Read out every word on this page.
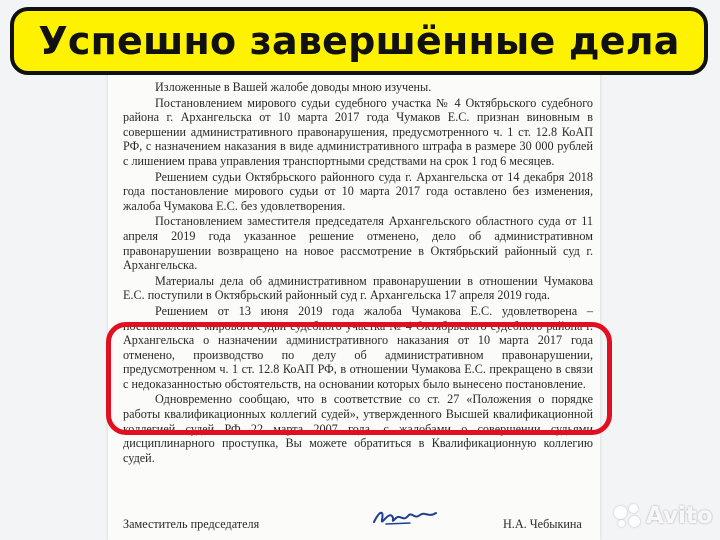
Изложенные в Вашей жалобе доводы мною изучены.

Постановлением мирового судьи судебного участка № 4 Октябрьского судебного района г. Архангельска от 10 марта 2017 года Чумаков Е.С. признан виновным в совершении административного правонарушения, предусмотренного ч. 1 ст. 12.8 КоАП РФ, с назначением наказания в виде административного штрафа в размере 30 000 рублей с лишением права управления транспортными средствами на срок 1 год 6 месяцев.

Решением судьи Октябрьского районного суда г. Архангельска от 14 декабря 2018 года постановление мирового судьи от 10 марта 2017 года оставлено без изменения, жалоба Чумакова Е.С. без удовлетворения.

Постановлением заместителя председателя Архангельского областного суда от 11 апреля 2019 года указанное решение отменено, дело об административном правонарушении возвращено на новое рассмотрение в Октябрьский районный суд г. Архангельска.

Материалы дела об административном правонарушении в отношении Чумакова Е.С. поступили в Октябрьский районный суд г. Архангельска 17 апреля 2019 года.

Решением от 13 июня 2019 года жалоба Чумакова Е.С. удовлетворена – постановление мирового судьи судебного участка № 4 Октябрьского судебного района г. Архангельска о назначении административного наказания от 10 марта 2017 года отменено, производство по делу об административном правонарушении, предусмотренном ч. 1 ст. 12.8 КоАП РФ, в отношении Чумакова Е.С. прекращено в связи с недоказанностью обстоятельств, на основании которых было вынесено постановление.

Одновременно сообщаю, что в соответствие со ст. 27 «Положения о порядке работы квалификационных коллегий судей», утвержденного Высшей квалификационной коллегией судей РФ 22 марта 2007 года, с жалобами о совершении судьями дисциплинарного проступка, Вы можете обратиться в Квалификационную коллегию судей.

Заместитель председателя	Н.А. Чебыкина
Успешно завершённые дела
Avito
